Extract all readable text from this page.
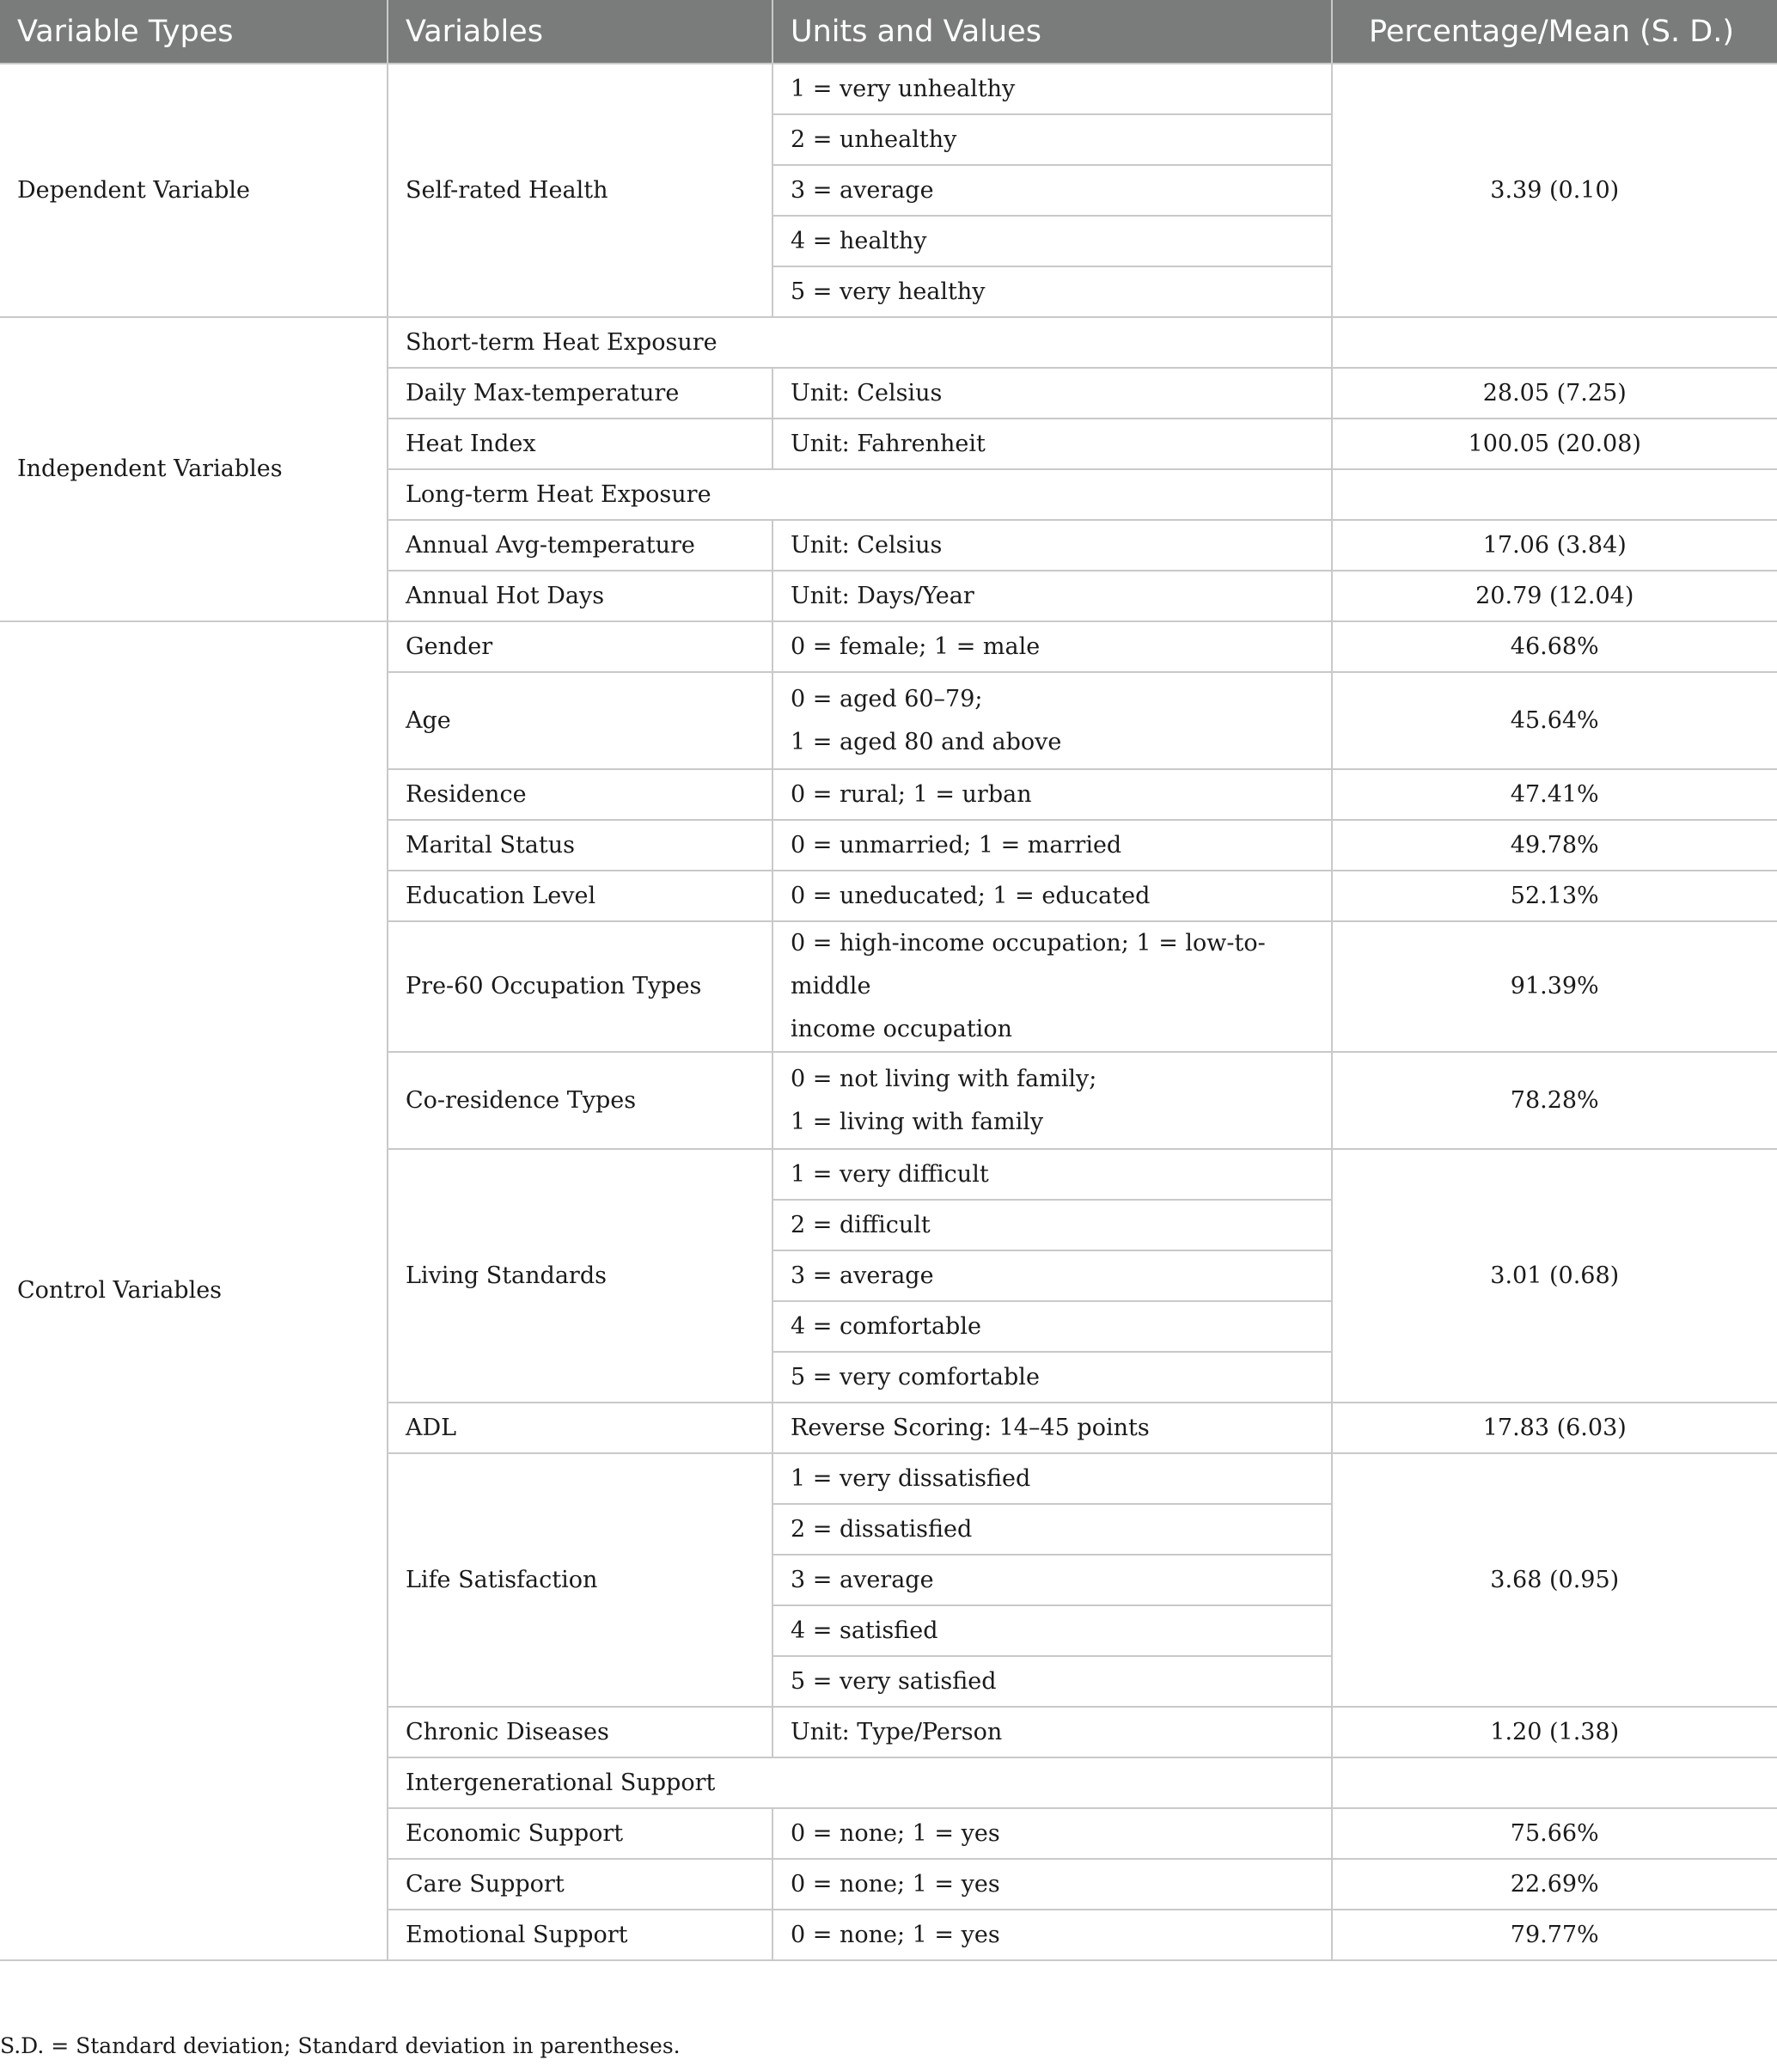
Variable Types	Variables	Units and Values	Percentage/Mean (S. D.)
Dependent Variable	Self-rated Health	1 = very unhealthy	3.39 (0.10)
		2 = unhealthy	
		3 = average	
		4 = healthy	
		5 = very healthy	
Independent Variables	Short-term Heat Exposure		
	Daily Max-temperature	Unit: Celsius	28.05 (7.25)
	Heat Index	Unit: Fahrenheit	100.05 (20.08)
	Long-term Heat Exposure		
	Annual Avg-temperature	Unit: Celsius	17.06 (3.84)
	Annual Hot Days	Unit: Days/Year	20.79 (12.04)
Control Variables	Gender	0 = female; 1 = male	46.68%
	Age	0 = aged 60–79;
1 = aged 80 and above	45.64%
	Residence	0 = rural; 1 = urban	47.41%
	Marital Status	0 = unmarried; 1 = married	49.78%
	Education Level	0 = uneducated; 1 = educated	52.13%
	Pre-60 Occupation Types	0 = high-income occupation; 1 = low-to-middle
income occupation	91.39%
	Co-residence Types	0 = not living with family;
1 = living with family	78.28%
	Living Standards	1 = very difficult	3.01 (0.68)
		2 = difficult	
		3 = average	
		4 = comfortable	
		5 = very comfortable	
	ADL	Reverse Scoring: 14–45 points	17.83 (6.03)
	Life Satisfaction	1 = very dissatisfied	3.68 (0.95)
		2 = dissatisfied	
		3 = average	
		4 = satisfied	
		5 = very satisfied	
	Chronic Diseases	Unit: Type/Person	1.20 (1.38)
	Intergenerational Support		
	Economic Support	0 = none; 1 = yes	75.66%
	Care Support	0 = none; 1 = yes	22.69%
	Emotional Support	0 = none; 1 = yes	79.77%
S.D. = Standard deviation; Standard deviation in parentheses.
